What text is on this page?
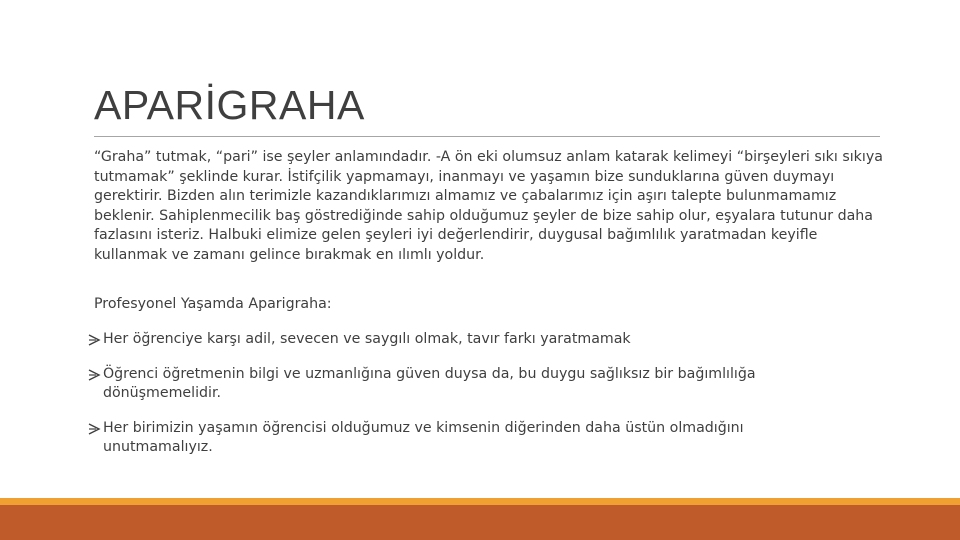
APARİGRAHA

“Graha” tutmak, “pari” ise şeyler anlamındadır. -A ön eki olumsuz anlam katarak kelimeyi “birşeyleri sıkı sıkıya tutmamak” şeklinde kurar. İstifçilik yapmamayı, inanmayı ve yaşamın bize sunduklarına güven duymayı gerektirir. Bizden alın terimizle kazandıklarımızı almamız ve çabalarımız için aşırı talepte bulunmamamız beklenir. Sahiplenmecilik baş göstrediğinde sahip olduğumuz şeyler de bize sahip olur, eşyalara tutunur daha fazlasını isteriz. Halbuki elimize gelen şeyleri iyi değerlendirir, duygusal bağımlılık yaratmadan keyifle kullanmak ve zamanı gelince bırakmak en ılımlı yoldur.

Profesyonel Yaşamda Aparigraha:
Her öğrenciye karşı adil, sevecen ve saygılı olmak, tavır farkı yaratmamak
Öğrenci öğretmenin bilgi ve uzmanlığına güven duysa da, bu duygu sağlıksız bir bağımlılığa dönüşmemelidir.
Her birimizin yaşamın öğrencisi olduğumuz ve kimsenin diğerinden daha üstün olmadığını unutmamalıyız.
